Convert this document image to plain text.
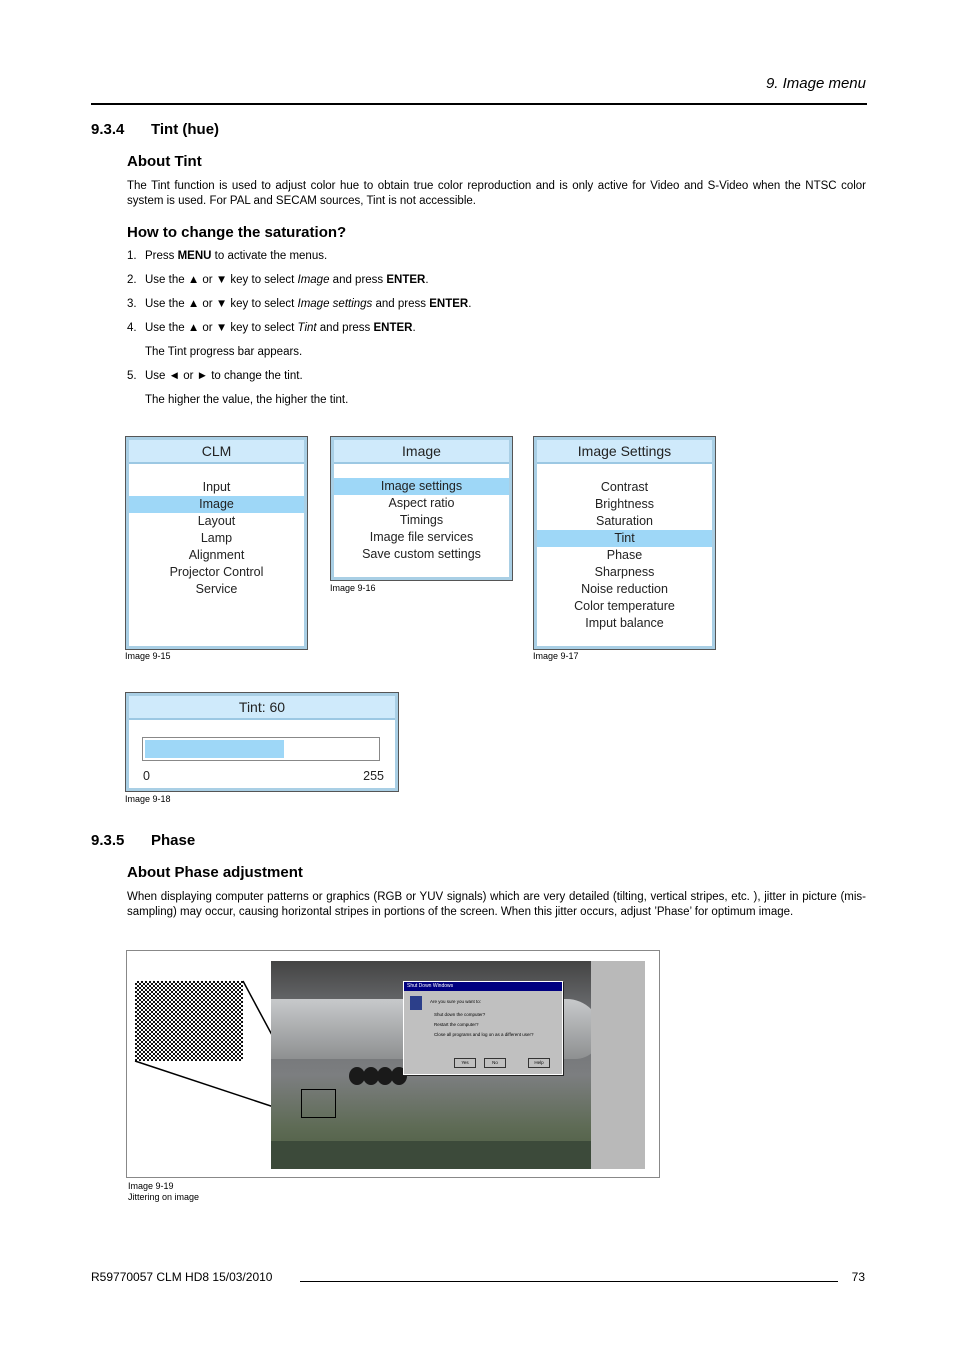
9. Image menu
9.3.4 Tint (hue)
About Tint
The Tint function is used to adjust color hue to obtain true color reproduction and is only active for Video and S-Video when the NTSC color system is used. For PAL and SECAM sources, Tint is not accessible.
How to change the saturation?
1. Press MENU to activate the menus.
2. Use the ▲ or ▼ key to select Image and press ENTER.
3. Use the ▲ or ▼ key to select Image settings and press ENTER.
4. Use the ▲ or ▼ key to select Tint and press ENTER.
The Tint progress bar appears.
5. Use ◄ or ► to change the tint.
The higher the value, the higher the tint.
CLM
Input
Image
Layout
Lamp
Alignment
Projector Control
Service
Image 9-15
Image
Image settings
Aspect ratio
Timings
Image file services
Save custom settings
Image 9-16
Image Settings
Contrast
Brightness
Saturation
Tint
Phase
Sharpness
Noise reduction
Color temperature
Imput balance
Image 9-17
Tint: 60
0	255
Image 9-18
9.3.5 Phase
About Phase adjustment
When displaying computer patterns or graphics (RGB or YUV signals) which are very detailed (tilting, vertical stripes, etc. ), jitter in picture (mis-sampling) may occur, causing horizontal stripes in portions of the screen. When this jitter occurs, adjust ’Phase’ for optimum image.
Shut Down Windows
Are you sure you want to:
Shut down the computer?
Restart the computer?
Close all programs and log on as a different user?
Yes	No	Help
Image 9-19
Jittering on image
R59770057 CLM HD8 15/03/2010	73
